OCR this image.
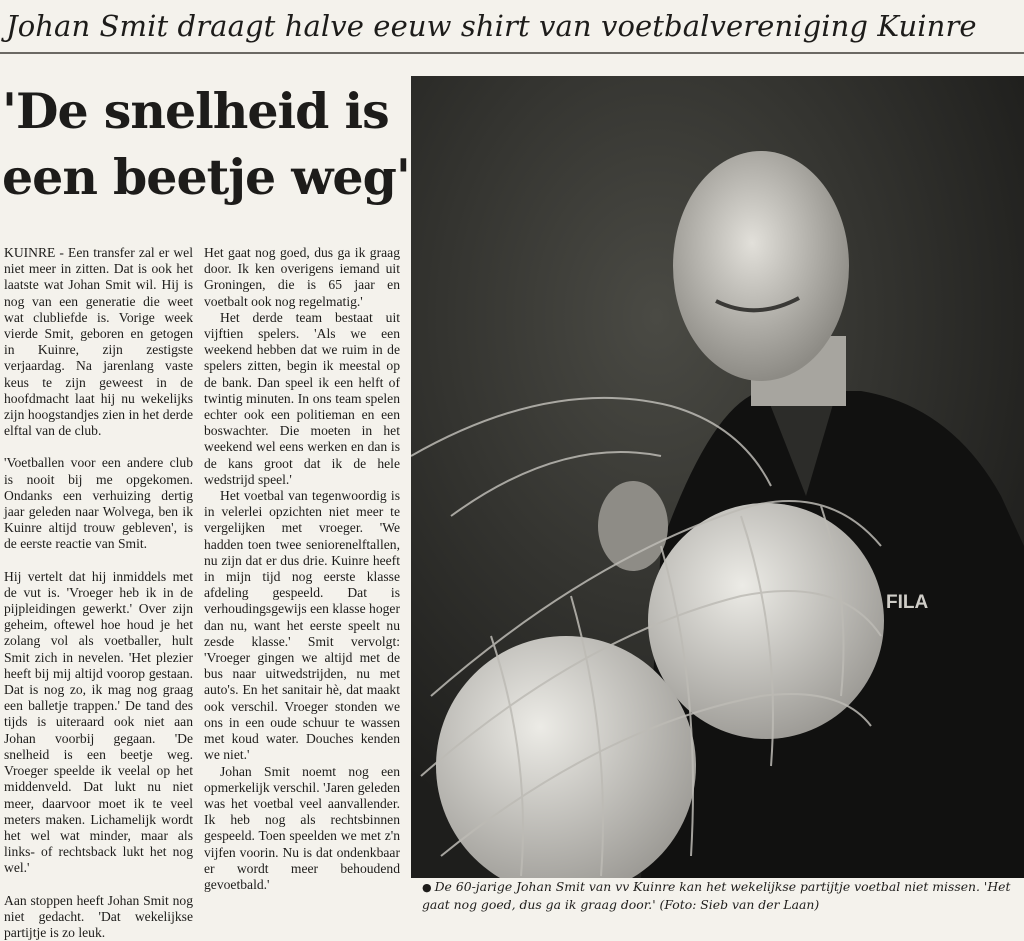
Johan Smit draagt halve eeuw shirt van voetbalvereniging Kuinre
'De snelheid is
een beetje weg'

KUINRE - Een transfer zal er wel niet meer in zitten. Dat is ook het laatste wat Johan Smit wil. Hij is nog van een generatie die weet wat clubliefde is. Vorige week vierde Smit, geboren en getogen in Kuinre, zijn zestigste verjaardag. Na jarenlang vaste keus te zijn geweest in de hoofdmacht laat hij nu wekelijks zijn hoogstandjes zien in het derde elftal van de club.

'Voetballen voor een andere club is nooit bij me opgekomen. Ondanks een verhuizing dertig jaar geleden naar Wolvega, ben ik Kuinre altijd trouw gebleven', is de eerste reactie van Smit.

Hij vertelt dat hij inmiddels met de vut is. 'Vroeger heb ik in de pijpleidingen gewerkt.' Over zijn geheim, oftewel hoe houd je het zolang vol als voetballer, hult Smit zich in nevelen. 'Het plezier heeft bij mij altijd voorop gestaan. Dat is nog zo, ik mag nog graag een balletje trappen.' De tand des tijds is uiteraard ook niet aan Johan voorbij gegaan. 'De snelheid is een beetje weg. Vroeger speelde ik veelal op het middenveld. Dat lukt nu niet meer, daarvoor moet ik te veel meters maken. Lichamelijk wordt het wel wat minder, maar als links- of rechtsback lukt het nog wel.'

Aan stoppen heeft Johan Smit nog niet gedacht. 'Dat wekelijkse partijtje is zo leuk.

Het gaat nog goed, dus ga ik graag door. Ik ken overigens iemand uit Groningen, die is 65 jaar en voetbalt ook nog regelmatig.'

Het derde team bestaat uit vijftien spelers. 'Als we een weekend hebben dat we ruim in de spelers zitten, begin ik meestal op de bank. Dan speel ik een helft of twintig minuten. In ons team spelen echter ook een politieman en een boswachter. Die moeten in het weekend wel eens werken en dan is de kans groot dat ik de hele wedstrijd speel.'

Het voetbal van tegenwoordig is in velerlei opzichten niet meer te vergelijken met vroeger. 'We hadden toen twee seniorenelftallen, nu zijn dat er dus drie. Kuinre heeft in mijn tijd nog eerste klasse afdeling gespeeld. Dat is verhoudingsgewijs een klasse hoger dan nu, want het eerste speelt nu zesde klasse.' Smit vervolgt: 'Vroeger gingen we altijd met de bus naar uitwedstrijden, nu met auto's. En het sanitair hè, dat maakt ook verschil. Vroeger stonden we ons in een oude schuur te wassen met koud water. Douches kenden we niet.'

Johan Smit noemt nog een opmerkelijk verschil. 'Jaren geleden was het voetbal veel aanvallender. Ik heb nog als rechtsbinnen gespeeld. Toen speelden we met z'n vijfen voorin. Nu is dat ondenkbaar er wordt meer behoudend gevoetbald.'

FILA
● De 60-jarige Johan Smit van vv Kuinre kan het wekelijkse partijtje voetbal niet missen. 'Het gaat nog goed, dus ga ik graag door.' (Foto: Sieb van der Laan)
